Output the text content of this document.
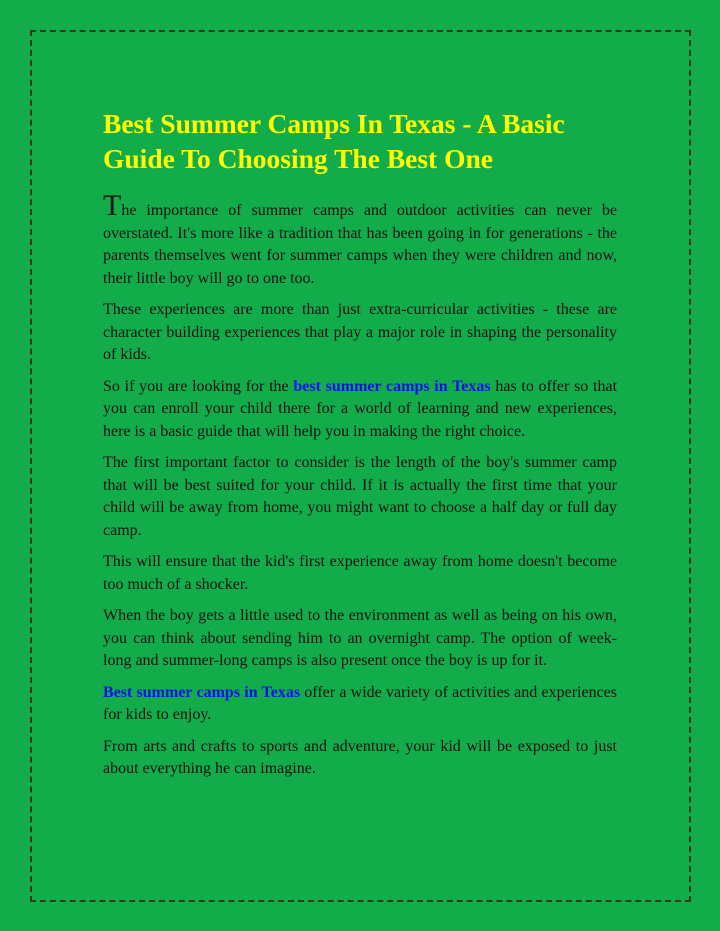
Best Summer Camps In Texas - A Basic Guide To Choosing The Best One

The importance of summer camps and outdoor activities can never be overstated. It's more like a tradition that has been going in for generations - the parents themselves went for summer camps when they were children and now, their little boy will go to one too.

These experiences are more than just extra-curricular activities - these are character building experiences that play a major role in shaping the personality of kids.

So if you are looking for the best summer camps in Texas has to offer so that you can enroll your child there for a world of learning and new experiences, here is a basic guide that will help you in making the right choice.

The first important factor to consider is the length of the boy's summer camp that will be best suited for your child. If it is actually the first time that your child will be away from home, you might want to choose a half day or full day camp.

This will ensure that the kid's first experience away from home doesn't become too much of a shocker.

When the boy gets a little used to the environment as well as being on his own, you can think about sending him to an overnight camp. The option of week-long and summer-long camps is also present once the boy is up for it.

Best summer camps in Texas offer a wide variety of activities and experiences for kids to enjoy.

From arts and crafts to sports and adventure, your kid will be exposed to just about everything he can imagine.
